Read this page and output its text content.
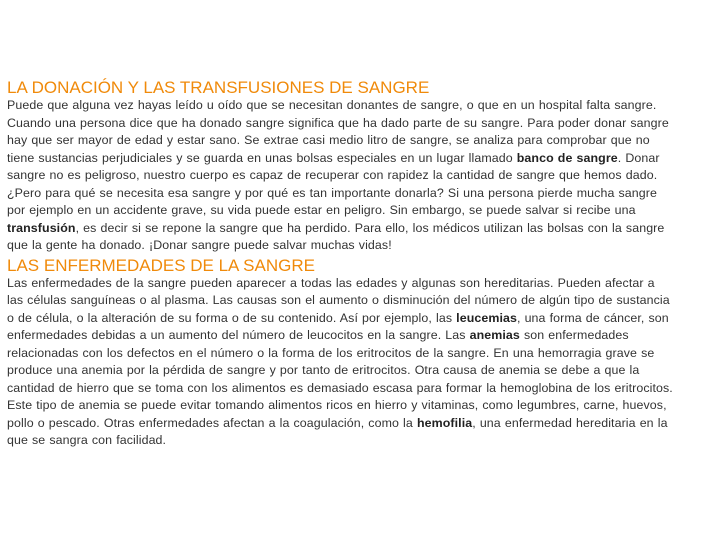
LA DONACIÓN Y LAS TRANSFUSIONES DE SANGRE

Puede que alguna vez hayas leído u oído que se necesitan donantes de sangre, o que en un hospital falta sangre.

Cuando una persona dice que ha donado sangre significa que ha dado parte de su sangre. Para poder donar sangre

hay que ser mayor de edad y estar sano. Se extrae casi medio litro de sangre, se analiza para comprobar que no

tiene sustancias perjudiciales y se guarda en unas bolsas especiales en un lugar llamado banco de sangre. Donar

sangre no es peligroso, nuestro cuerpo es capaz de recuperar con rapidez la cantidad de sangre que hemos dado.

¿Pero para qué se necesita esa sangre y por qué es tan importante donarla? Si una persona pierde mucha sangre

por ejemplo en un accidente grave, su vida puede estar en peligro. Sin embargo, se puede salvar si recibe una

transfusión, es decir si se repone la sangre que ha perdido. Para ello, los médicos utilizan las bolsas con la sangre

que la gente ha donado. ¡Donar sangre puede salvar muchas vidas!

LAS ENFERMEDADES DE LA SANGRE

Las enfermedades de la sangre pueden aparecer a todas las edades y algunas son hereditarias. Pueden afectar a

las células sanguíneas o al plasma. Las causas son el aumento o disminución del número de algún tipo de sustancia

o de célula, o la alteración de su forma o de su contenido. Así por ejemplo, las leucemias, una forma de cáncer, son

enfermedades debidas a un aumento del número de leucocitos en la sangre. Las anemias son enfermedades

relacionadas con los defectos en el número o la forma de los eritrocitos de la sangre. En una hemorragia grave se

produce una anemia por la pérdida de sangre y por tanto de eritrocitos. Otra causa de anemia se debe a que la

cantidad de hierro que se toma con los alimentos es demasiado escasa para formar la hemoglobina de los eritrocitos.

Este tipo de anemia se puede evitar tomando alimentos ricos en hierro y vitaminas, como legumbres, carne, huevos,

pollo o pescado. Otras enfermedades afectan a la coagulación, como la hemofilia, una enfermedad hereditaria en la

que se sangra con facilidad.
